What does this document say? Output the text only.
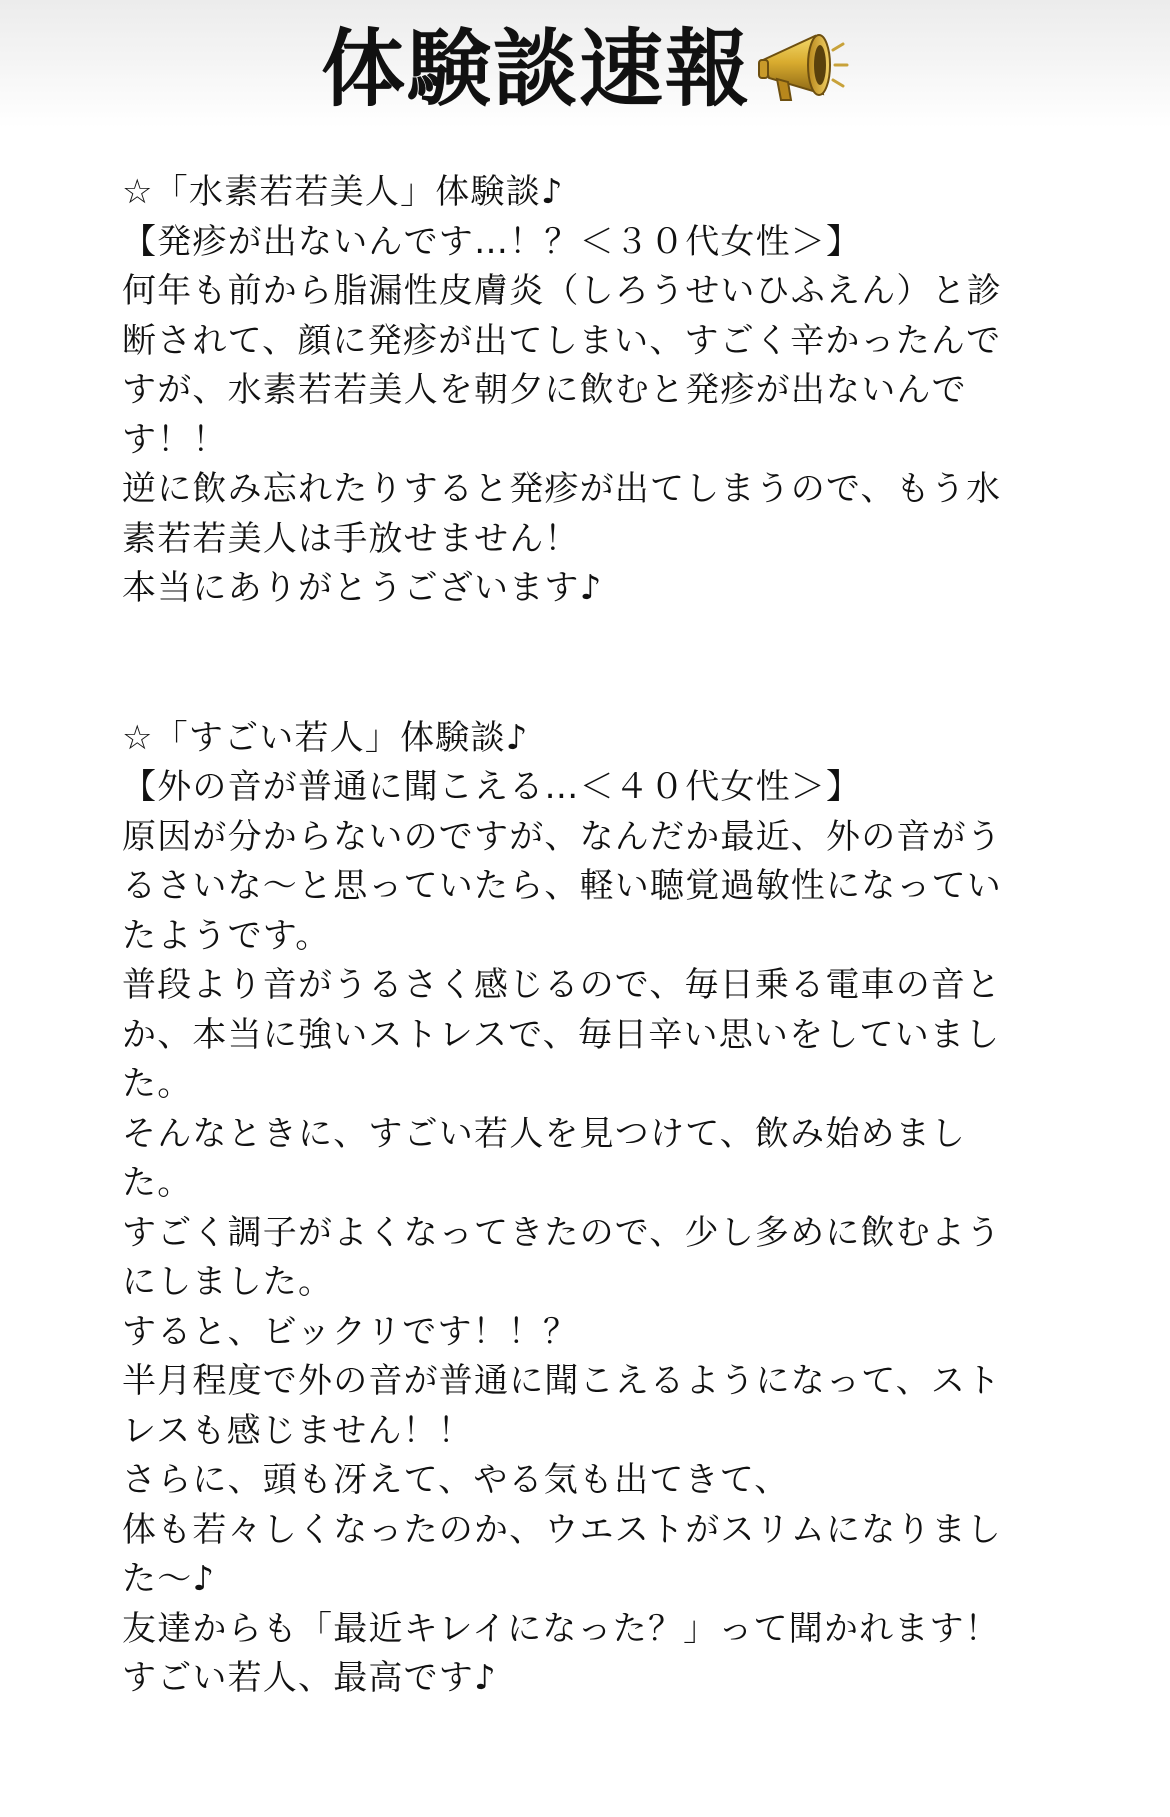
体験談速報
☆「水素若若美人」体験談♪
【発疹が出ないんです…！？＜３０代女性＞】
何年も前から脂漏性皮膚炎（しろうせいひふえん）と診
断されて、顔に発疹が出てしまい、すごく辛かったんで
すが、水素若若美人を朝夕に飲むと発疹が出ないんで
す！！
逆に飲み忘れたりすると発疹が出てしまうので、もう水
素若若美人は手放せません！
本当にありがとうございます♪
☆「すごい若人」体験談♪
【外の音が普通に聞こえる…＜４０代女性＞】
原因が分からないのですが、なんだか最近、外の音がう
るさいな〜と思っていたら、軽い聴覚過敏性になってい
たようです。
普段より音がうるさく感じるので、毎日乗る電車の音と
か、本当に強いストレスで、毎日辛い思いをしていまし
た。
そんなときに、すごい若人を見つけて、飲み始めまし
た。
すごく調子がよくなってきたので、少し多めに飲むよう
にしました。
すると、ビックリです！！？
半月程度で外の音が普通に聞こえるようになって、スト
レスも感じません！！
さらに、頭も冴えて、やる気も出てきて、
体も若々しくなったのか、ウエストがスリムになりまし
た〜♪
友達からも「最近キレイになった？」って聞かれます！
すごい若人、最高です♪
